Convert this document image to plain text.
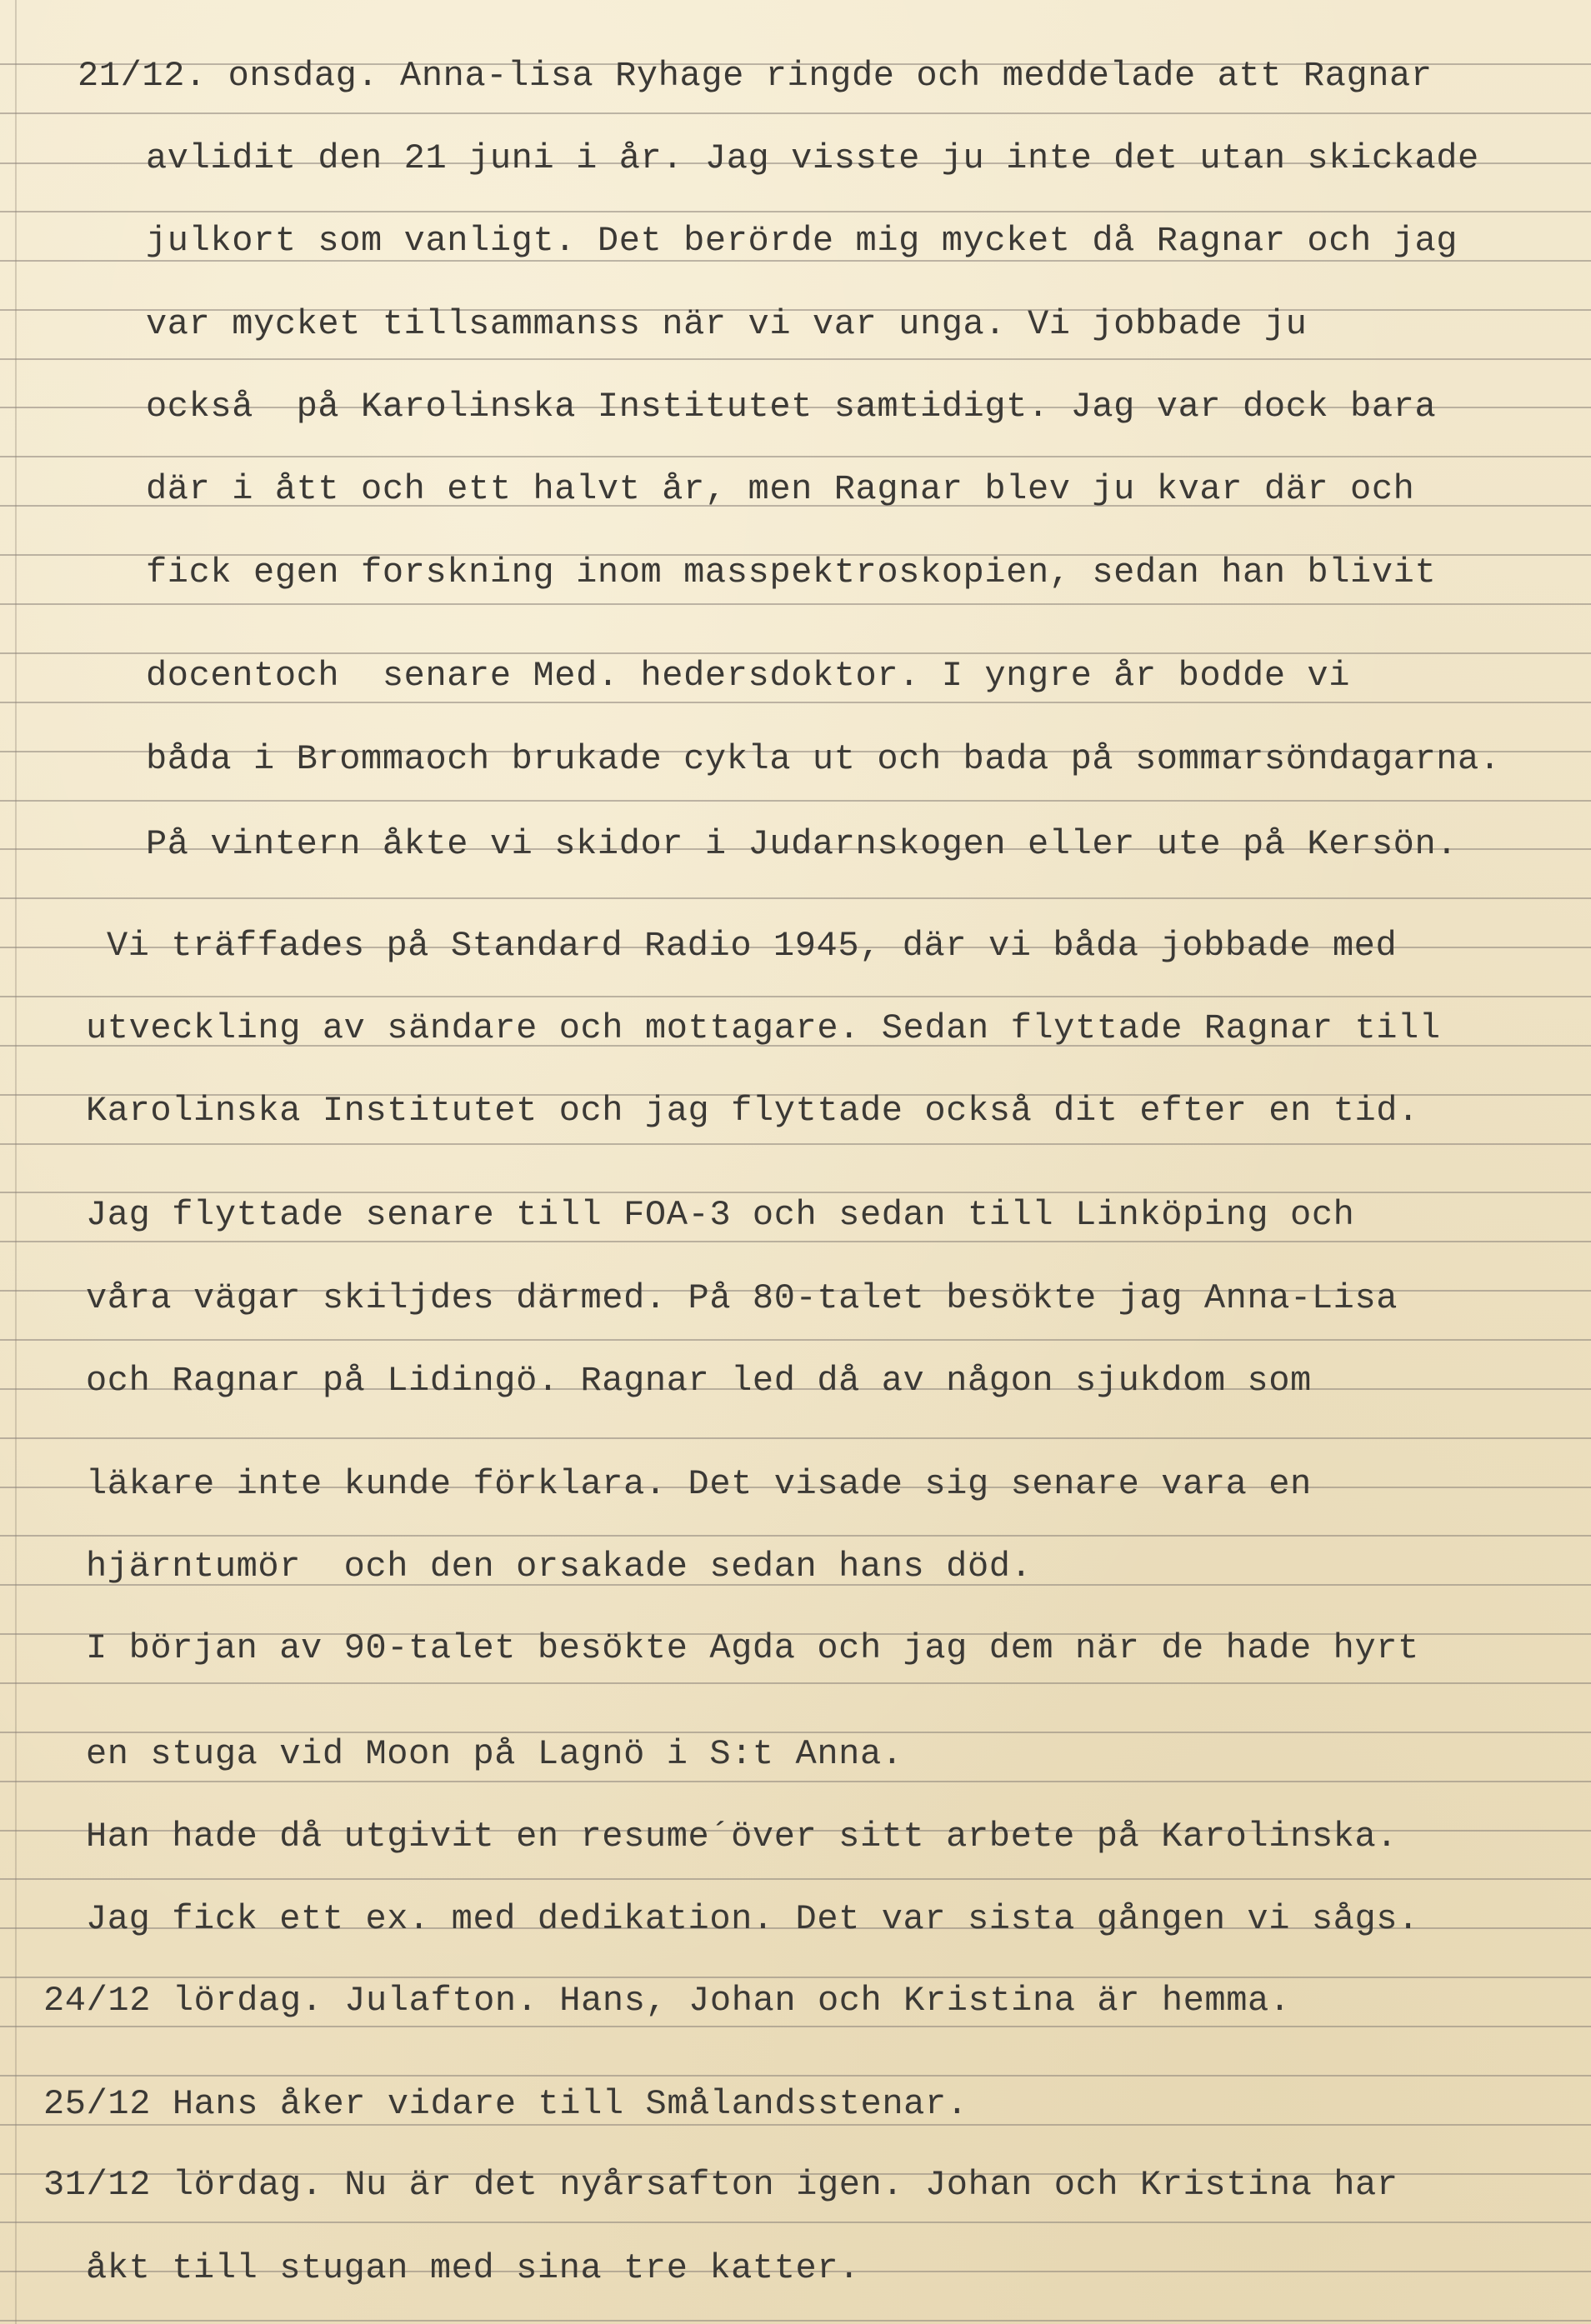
21/12. onsdag. Anna-lisa Ryhage ringde och meddelade att Ragnar

avlidit den 21 juni i år. Jag visste ju inte det utan skickade

julkort som vanligt. Det berörde mig mycket då Ragnar och jag

var mycket tillsammanss när vi var unga. Vi jobbade ju

också  på Karolinska Institutet samtidigt. Jag var dock bara

där i ått och ett halvt år, men Ragnar blev ju kvar där och

fick egen forskning inom masspektroskopien, sedan han blivit

docentoch  senare Med. hedersdoktor. I yngre år bodde vi

båda i Brommaoch brukade cykla ut och bada på sommarsöndagarna.

På vintern åkte vi skidor i Judarnskogen eller ute på Kersön.

Vi träffades på Standard Radio 1945, där vi båda jobbade med

utveckling av sändare och mottagare. Sedan flyttade Ragnar till

Karolinska Institutet och jag flyttade också dit efter en tid.

Jag flyttade senare till FOA-3 och sedan till Linköping och

våra vägar skiljdes därmed. På 80-talet besökte jag Anna-Lisa

och Ragnar på Lidingö. Ragnar led då av någon sjukdom som

läkare inte kunde förklara. Det visade sig senare vara en

hjärntumör  och den orsakade sedan hans död.

I början av 90-talet besökte Agda och jag dem när de hade hyrt

en stuga vid Moon på Lagnö i S:t Anna.

Han hade då utgivit en resume´över sitt arbete på Karolinska.

Jag fick ett ex. med dedikation. Det var sista gången vi sågs.

24/12 lördag. Julafton. Hans, Johan och Kristina är hemma.

25/12 Hans åker vidare till Smålandsstenar.

31/12 lördag. Nu är det nyårsafton igen. Johan och Kristina har

åkt till stugan med sina tre katter.
